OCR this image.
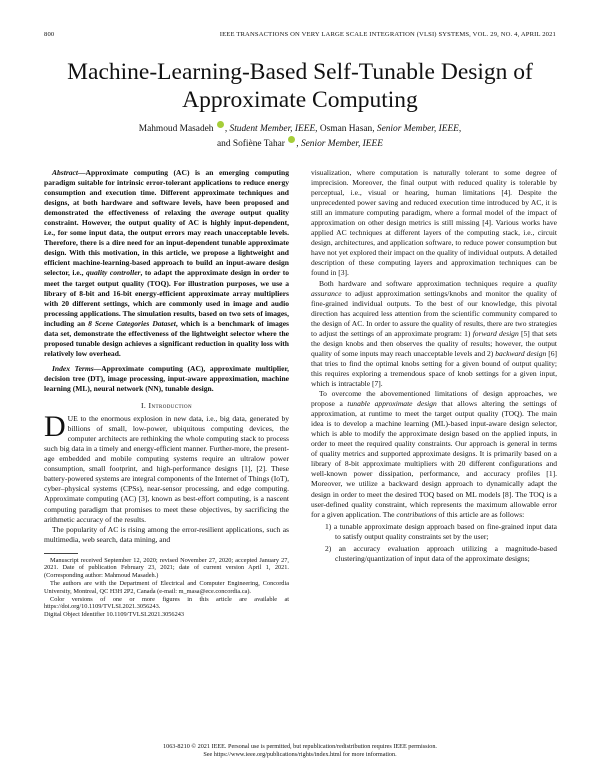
800	IEEE TRANSACTIONS ON VERY LARGE SCALE INTEGRATION (VLSI) SYSTEMS, VOL. 29, NO. 4, APRIL 2021
Machine-Learning-Based Self-Tunable Design of Approximate Computing
Mahmoud Masadeh , Student Member, IEEE, Osman Hasan, Senior Member, IEEE,
and Sofiène Tahar , Senior Member, IEEE

Abstract—Approximate computing (AC) is an emerging computing paradigm suitable for intrinsic error-tolerant applications to reduce energy consumption and execution time. Different approximate techniques and designs, at both hardware and software levels, have been proposed and demonstrated the effectiveness of relaxing the average output quality constraint. However, the output quality of AC is highly input-dependent, i.e., for some input data, the output errors may reach unacceptable levels. Therefore, there is a dire need for an input-dependent tunable approximate design. With this motivation, in this article, we propose a lightweight and efficient machine-learning-based approach to build an input-aware design selector, i.e., quality controller, to adapt the approximate design in order to meet the target output quality (TOQ). For illustration purposes, we use a library of 8-bit and 16-bit energy-efficient approximate array multipliers with 20 different settings, which are commonly used in image and audio processing applications. The simulation results, based on two sets of images, including an 8 Scene Categories Dataset, which is a benchmark of images data set, demonstrate the effectiveness of the lightweight selector where the proposed tunable design achieves a significant reduction in quality loss with relatively low overhead.

Index Terms—Approximate computing (AC), approximate multiplier, decision tree (DT), image processing, input-aware approximation, machine learning (ML), neural network (NN), tunable design.

I. Introduction

DUE to the enormous explosion in new data, i.e., big data, generated by billions of small, low-power, ubiquitous computing devices, the computer architects are rethinking the whole computing stack to process such big data in a timely and energy-efficient manner. Further-more, the present-age embedded and mobile computing systems require an ultralow power consumption, small footprint, and high-performance designs [1], [2]. These battery-powered systems are integral components of the Internet of Things (IoT), cyber–physical systems (CPSs), near-sensor processing, and edge computing. Approximate computing (AC) [3], known as best-effort computing, is a nascent computing paradigm that promises to meet these objectives, by sacrificing the arithmetic accuracy of the results.

The popularity of AC is rising among the error-resilient applications, such as multimedia, web search, data mining, and

Manuscript received September 12, 2020; revised November 27, 2020; accepted January 27, 2021. Date of publication February 23, 2021; date of current version April 1, 2021. (Corresponding author: Mahmoud Masadeh.)

The authors are with the Department of Electrical and Computer Engineering, Concordia University, Montreal, QC H3H 2P2, Canada (e-mail: m_masa@ece.concordia.ca).

Color versions of one or more figures in this article are available at https://doi.org/10.1109/TVLSI.2021.3056243.

Digital Object Identifier 10.1109/TVLSI.2021.3056243

visualization, where computation is naturally tolerant to some degree of imprecision. Moreover, the final output with reduced quality is tolerable by perceptual, i.e., visual or hearing, human limitations [4]. Despite the unprecedented power saving and reduced execution time introduced by AC, it is still an immature computing paradigm, where a formal model of the impact of approximation on other design metrics is still missing [4]. Various works have applied AC techniques at different layers of the computing stack, i.e., circuit design, architectures, and application software, to reduce power consumption but have not yet explored their impact on the quality of individual outputs. A detailed description of these computing layers and approximation techniques can be found in [3].

Both hardware and software approximation techniques require a quality assurance to adjust approximation settings/knobs and monitor the quality of fine-grained individual outputs. To the best of our knowledge, this pivotal direction has acquired less attention from the scientific community compared to the design of AC. In order to assure the quality of results, there are two strategies to adjust the settings of an approximate program: 1) forward design [5] that sets the design knobs and then observes the quality of results; however, the output quality of some inputs may reach unacceptable levels and 2) backward design [6] that tries to find the optimal knobs setting for a given bound of output quality; this requires exploring a tremendous space of knob settings for a given input, which is intractable [7].

To overcome the abovementioned limitations of design approaches, we propose a tunable approximate design that allows altering the settings of approximation, at runtime to meet the target output quality (TOQ). The main idea is to develop a machine learning (ML)-based input-aware design selector, which is able to modify the approximate design based on the applied inputs, in order to meet the required quality constraints. Our approach is general in terms of quality metrics and supported approximate designs. It is primarily based on a library of 8-bit approximate multipliers with 20 different configurations and well-known power dissipation, performance, and accuracy profiles [1]. Moreover, we utilize a backward design approach to dynamically adapt the design in order to meet the desired TOQ based on ML models [8]. The TOQ is a user-defined quality constraint, which represents the maximum allowable error for a given application. The contributions of this article are as follows:

1) a tunable approximate design approach based on fine-grained input data to satisfy output quality constraints set by the user;
2) an accuracy evaluation approach utilizing a magnitude-based clustering/quantization of input data of the approximate designs;
1063-8210 © 2021 IEEE. Personal use is permitted, but republication/redistribution requires IEEE permission.
See https://www.ieee.org/publications/rights/index.html for more information.
